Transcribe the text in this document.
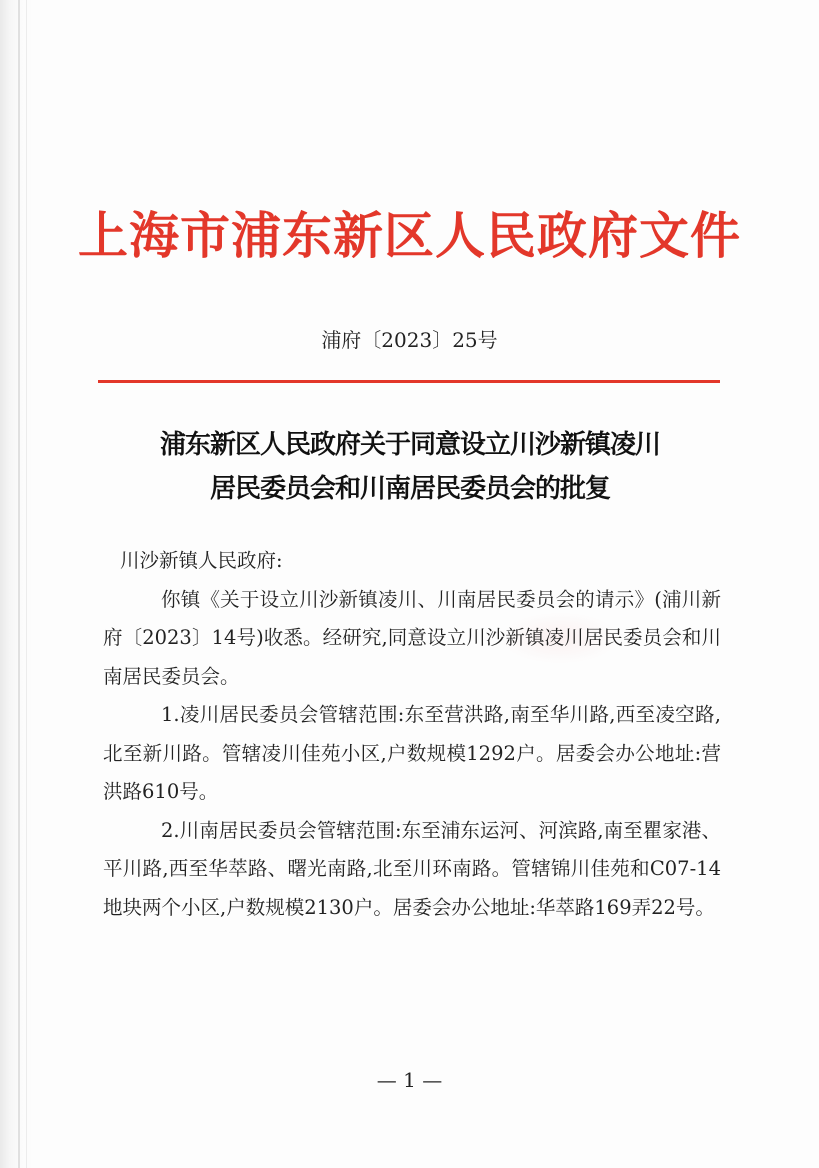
上海市浦东新区人民政府文件
浦府〔2023〕25号
浦东新区人民政府关于同意设立川沙新镇凌川
居民委员会和川南居民委员会的批复

川沙新镇人民政府:

你镇《关于设立川沙新镇凌川、川南居民委员会的请示》(浦川新府〔2023〕14号)收悉。经研究,同意设立川沙新镇凌川居民委员会和川南居民委员会。

1.凌川居民委员会管辖范围:东至营洪路,南至华川路,西至凌空路,北至新川路。管辖凌川佳苑小区,户数规模1292户。居委会办公地址:营洪路610号。

2.川南居民委员会管辖范围:东至浦东运河、河滨路,南至瞿家港、平川路,西至华萃路、曙光南路,北至川环南路。管辖锦川佳苑和C07-14地块两个小区,户数规模2130户。居委会办公地址:华萃路169弄22号。

— 1 —
